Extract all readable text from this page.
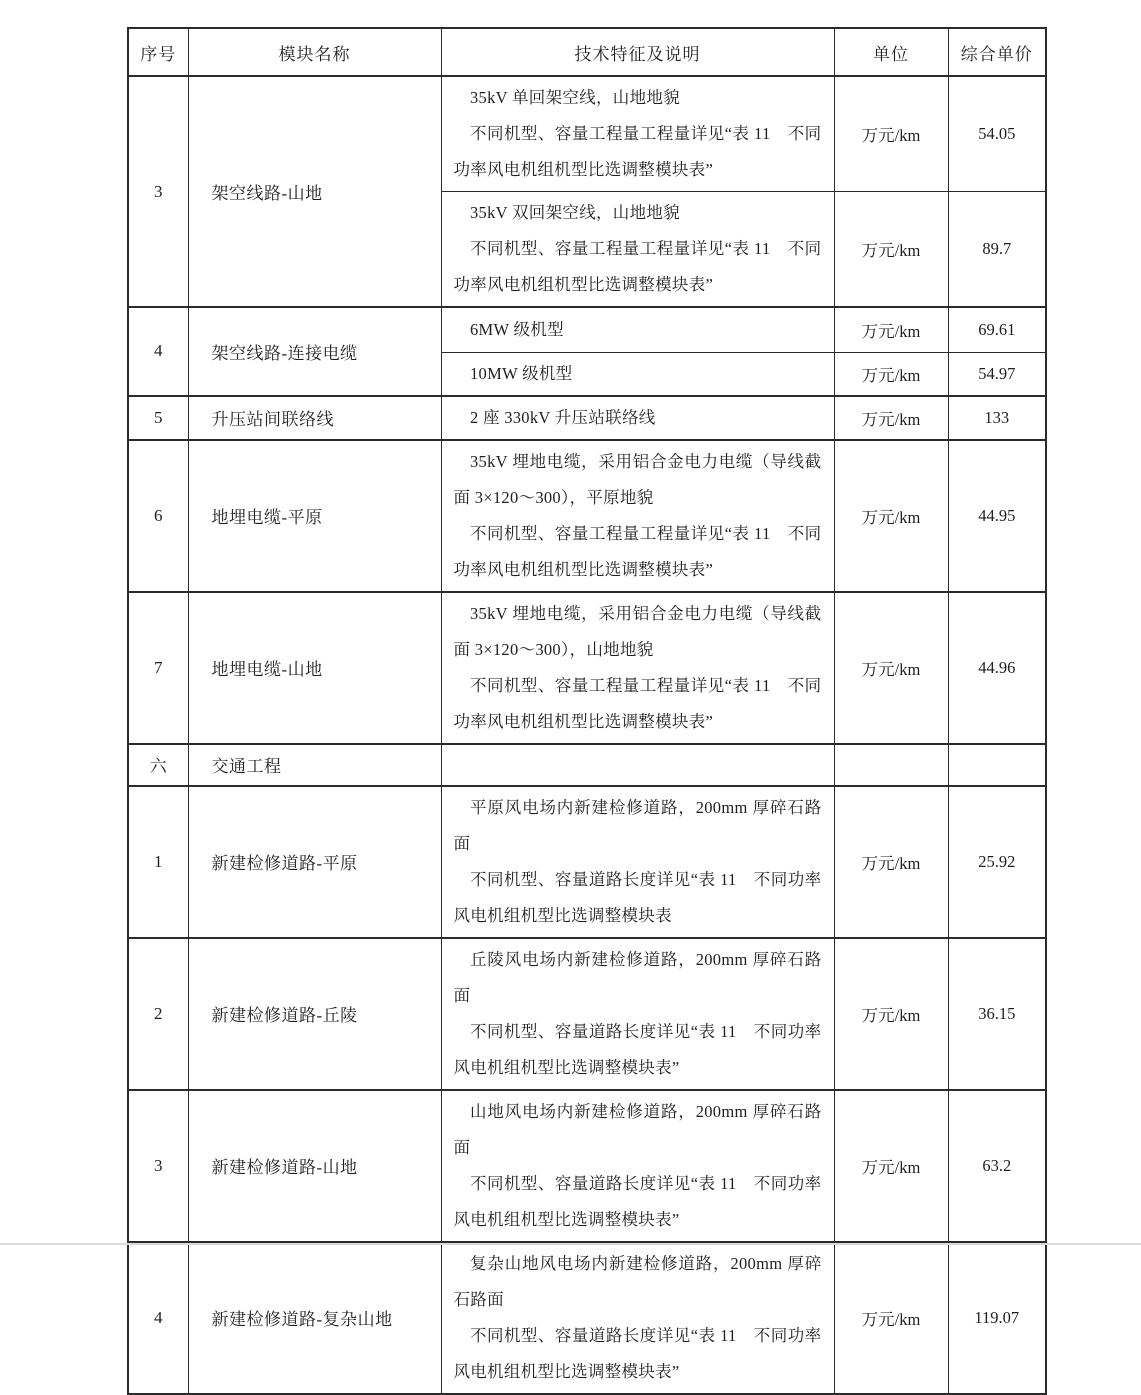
序号	模块名称	技术特征及说明	单位	综合单价
3	架空线路-山地	35kV 单回架空线，山地地貌

不同机型、容量工程量工程量详见“表 11　不同功率风电机组机型比选调整模块表”	万元/km	54.05

		35kV 双回架空线，山地地貌

不同机型、容量工程量工程量详见“表 11　不同功率风电机组机型比选调整模块表”	万元/km	89.7
4	架空线路-连接电缆	6MW 级机型	万元/km	69.61

		10MW 级机型	万元/km	54.97
5	升压站间联络线	2 座 330kV 升压站联络线	万元/km	133
6	地埋电缆-平原	35kV 埋地电缆，采用铝合金电力电缆（导线截面 3×120～300），平原地貌

不同机型、容量工程量工程量详见“表 11　不同功率风电机组机型比选调整模块表”	万元/km	44.95
7	地埋电缆-山地	35kV 埋地电缆，采用铝合金电力电缆（导线截面 3×120～300），山地地貌

不同机型、容量工程量工程量详见“表 11　不同功率风电机组机型比选调整模块表”	万元/km	44.96
六	交通工程			
1	新建检修道路-平原	平原风电场内新建检修道路，200mm 厚碎石路面

不同机型、容量道路长度详见“表 11　不同功率风电机组机型比选调整模块表	万元/km	25.92
2	新建检修道路-丘陵	丘陵风电场内新建检修道路，200mm 厚碎石路面

不同机型、容量道路长度详见“表 11　不同功率风电机组机型比选调整模块表”	万元/km	36.15
3	新建检修道路-山地	山地风电场内新建检修道路，200mm 厚碎石路面

不同机型、容量道路长度详见“表 11　不同功率风电机组机型比选调整模块表”	万元/km	63.2
4	新建检修道路-复杂山地	复杂山地风电场内新建检修道路，200mm 厚碎石路面

不同机型、容量道路长度详见“表 11　不同功率风电机组机型比选调整模块表”	万元/km	119.07
